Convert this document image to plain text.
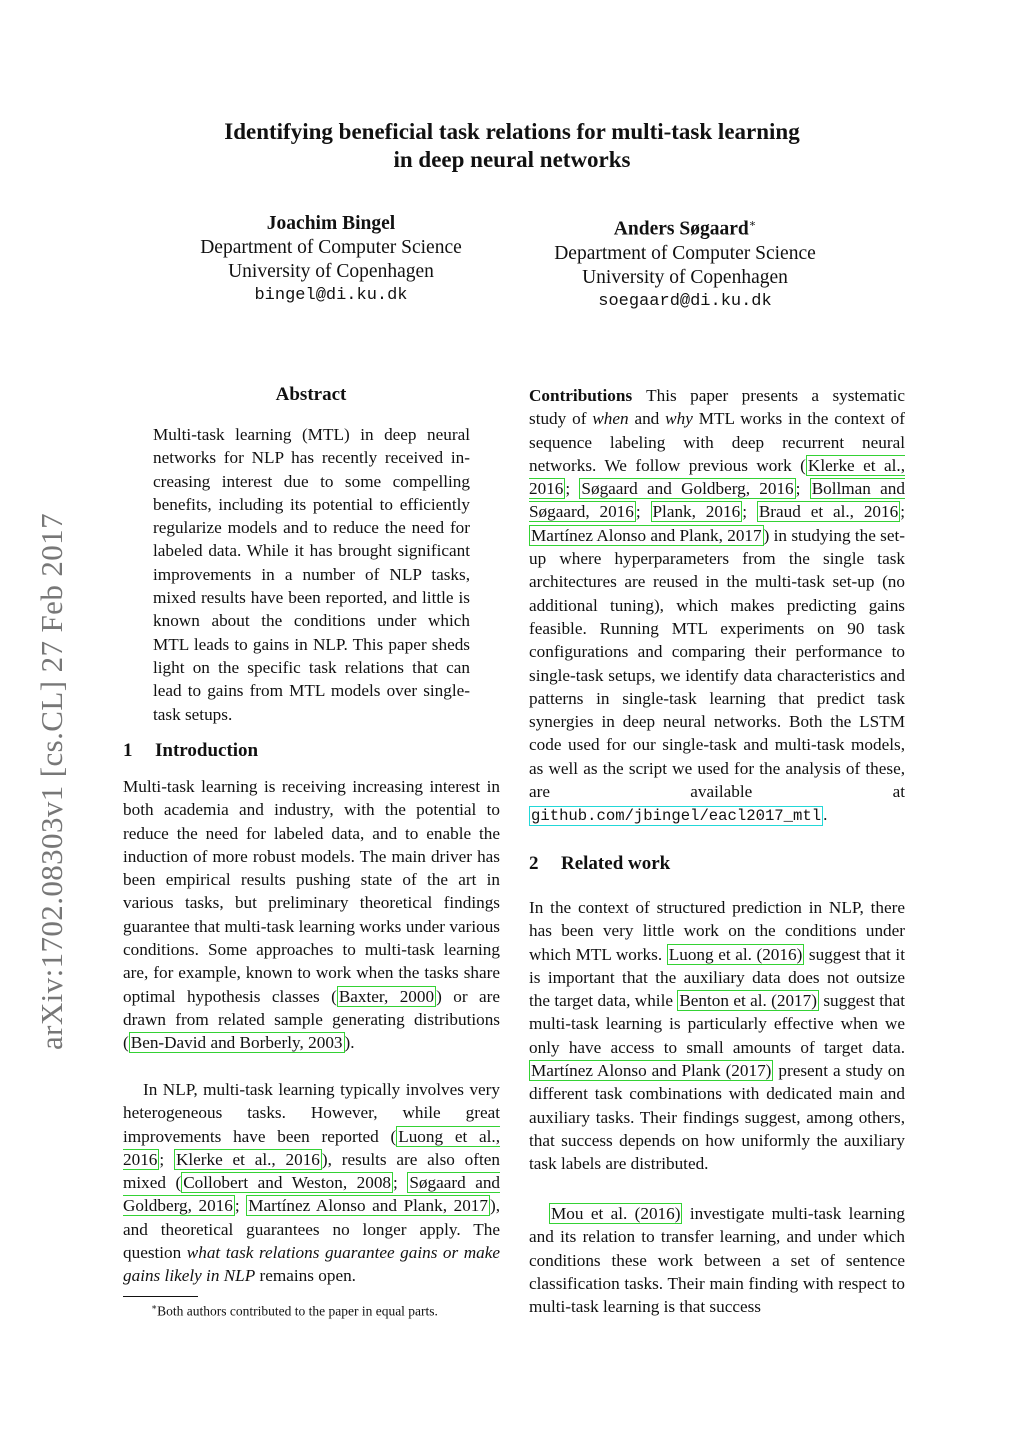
Identifying beneficial task relations for multi-task learning
in deep neural networks
Joachim Bingel
Department of Computer Science
University of Copenhagen
bingel@di.ku.dk
Anders Søgaard∗
Department of Computer Science
University of Copenhagen
soegaard@di.ku.dk
arXiv:1702.08303v1 [cs.CL] 27 Feb 2017
Abstract
Multi-task learning (MTL) in deep neural networks for NLP has recently received increasing interest due to some compelling benefits, including its potential to efficiently regularize models and to reduce the need for labeled data. While it has brought significant improvements in a number of NLP tasks, mixed results have been reported, and little is known about the conditions under which MTL leads to gains in NLP. This paper sheds light on the specific task relations that can lead to gains from MTL models over single-task setups.
1 Introduction
Multi-task learning is receiving increasing interest in both academia and industry, with the potential to reduce the need for labeled data, and to enable the induction of more robust models. The main driver has been empirical results pushing state of the art in various tasks, but preliminary theoretical findings guarantee that multi-task learning works under various conditions. Some approaches to multi-task learning are, for example, known to work when the tasks share optimal hypothesis classes ( Baxter, 2000 ) or are drawn from related sample generating distributions ( Ben-David and Borberly, 2003 ).
In NLP, multi-task learning typically involves very heterogeneous tasks. However, while great improvements have been reported ( Luong et al., 2016 ; Klerke et al., 2016 ), results are also often mixed ( Collobert and Weston, 2008 ; Søgaard and Goldberg, 2016 ; Martínez Alonso and Plank, 2017 ), and theoretical guarantees no longer apply. The question what task relations guarantee gains or make gains likely in NLP remains open.
∗Both authors contributed to the paper in equal parts.
Contributions This paper presents a systematic study of when and why MTL works in the context of sequence labeling with deep recurrent neural networks. We follow previous work ( Klerke et al., 2016 ; Søgaard and Goldberg, 2016 ; Bollman and Søgaard, 2016 ; Plank, 2016 ; Braud et al., 2016 ; Martínez Alonso and Plank, 2017 ) in studying the set-up where hyperparameters from the single task architectures are reused in the multi-task set-up (no additional tuning), which makes predicting gains feasible. Running MTL experiments on 90 task configurations and comparing their performance to single-task setups, we identify data characteristics and patterns in single-task learning that predict task synergies in deep neural networks. Both the LSTM code used for our single-task and multi-task models, as well as the script we used for the analysis of these, are available at github.com/jbingel/eacl2017_mtl .
2 Related work
In the context of structured prediction in NLP, there has been very little work on the conditions under which MTL works. Luong et al. (2016) suggest that it is important that the auxiliary data does not outsize the target data, while Benton et al. (2017) suggest that multi-task learning is particularly effective when we only have access to small amounts of target data. Martínez Alonso and Plank (2017) present a study on different task combinations with dedicated main and auxiliary tasks. Their findings suggest, among others, that success depends on how uniformly the auxiliary task labels are distributed.
Mou et al. (2016) investigate multi-task learning and its relation to transfer learning, and under which conditions these work between a set of sentence classification tasks. Their main finding with respect to multi-task learning is that success
